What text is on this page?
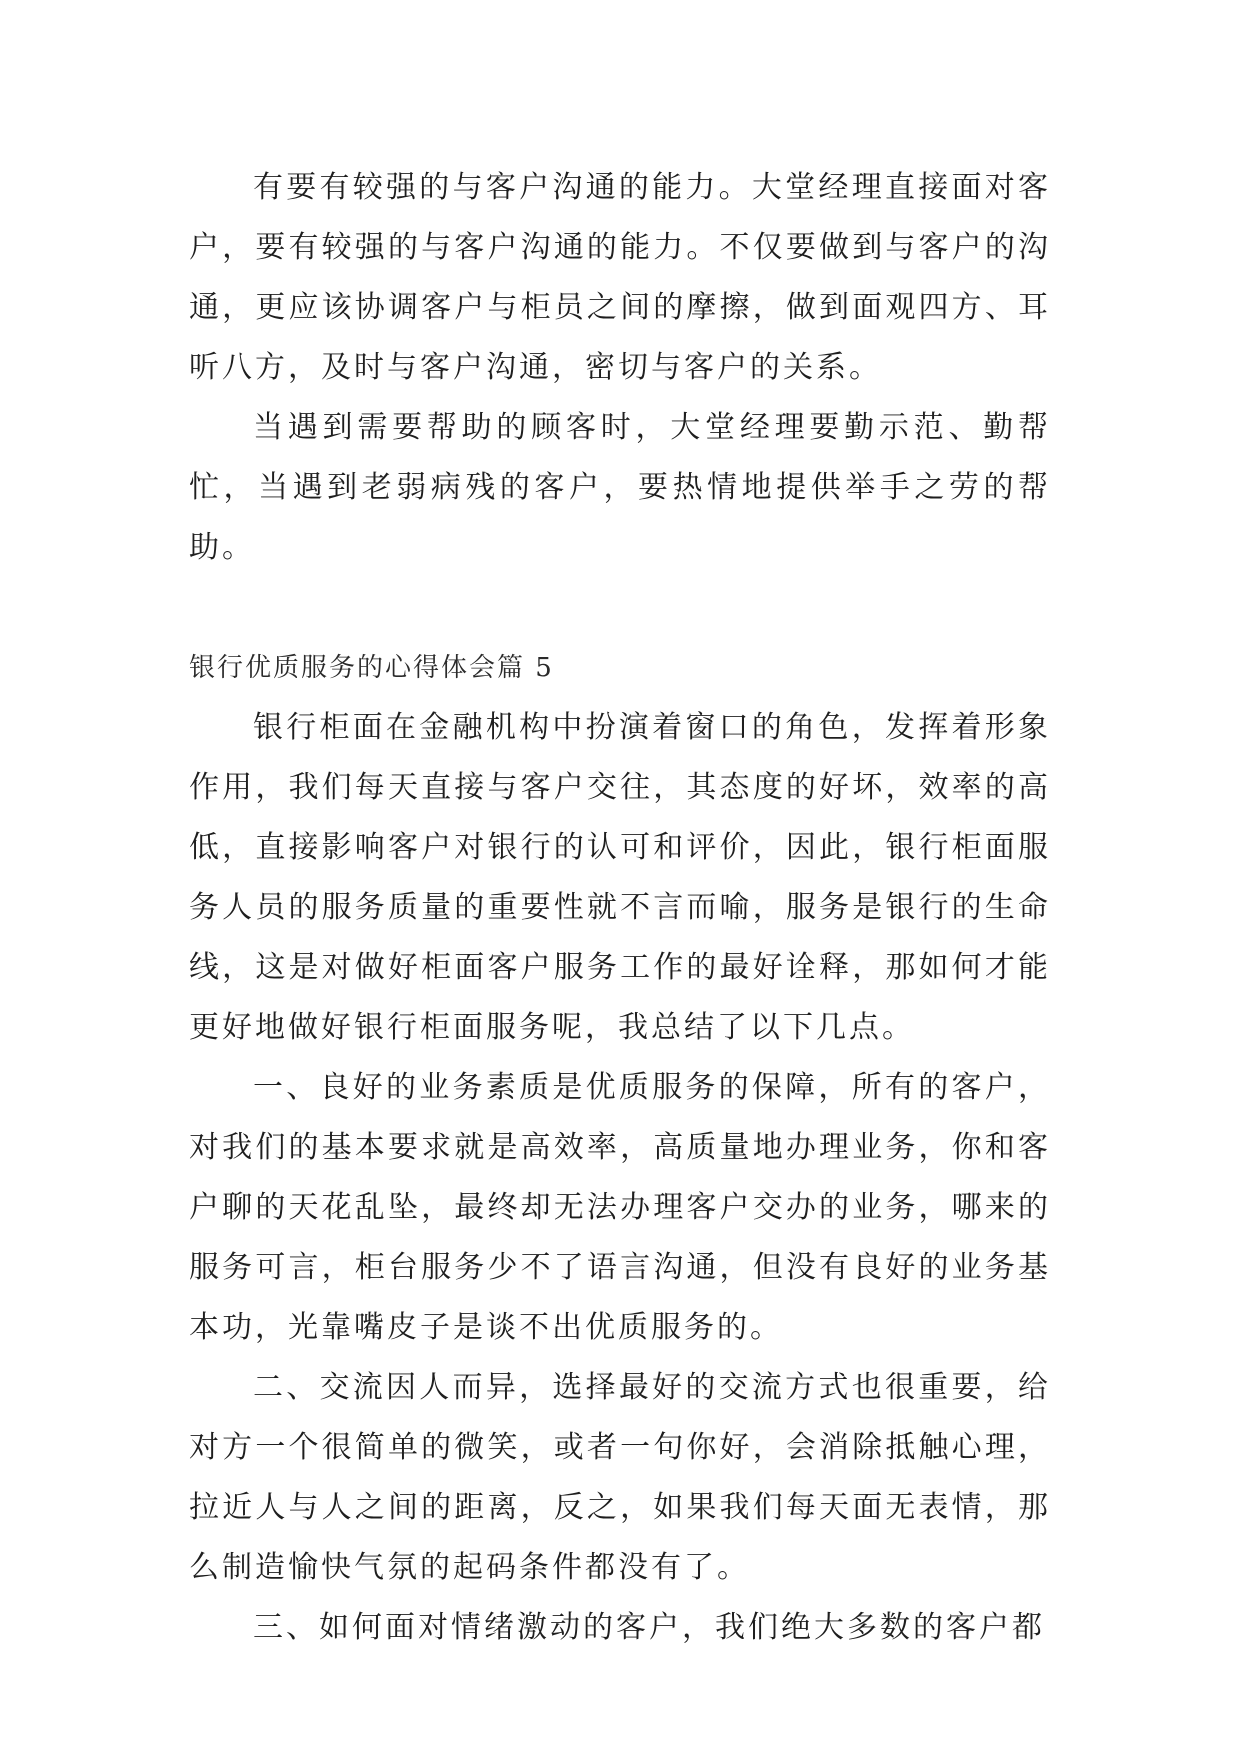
有要有较强的与客户沟通的能力。大堂经理直接面对客户，要有较强的与客户沟通的能力。不仅要做到与客户的沟通，更应该协调客户与柜员之间的摩擦，做到面观四方、耳听八方，及时与客户沟通，密切与客户的关系。

当遇到需要帮助的顾客时，大堂经理要勤示范、勤帮忙，当遇到老弱病残的客户，要热情地提供举手之劳的帮助。

银行优质服务的心得体会篇 5

银行柜面在金融机构中扮演着窗口的角色，发挥着形象作用，我们每天直接与客户交往，其态度的好坏，效率的高低，直接影响客户对银行的认可和评价，因此，银行柜面服务人员的服务质量的重要性就不言而喻，服务是银行的生命线，这是对做好柜面客户服务工作的最好诠释，那如何才能更好地做好银行柜面服务呢，我总结了以下几点。

一、良好的业务素质是优质服务的保障，所有的客户，对我们的基本要求就是高效率，高质量地办理业务，你和客户聊的天花乱坠，最终却无法办理客户交办的业务，哪来的服务可言，柜台服务少不了语言沟通，但没有良好的业务基本功，光靠嘴皮子是谈不出优质服务的。

二、交流因人而异，选择最好的交流方式也很重要，给对方一个很简单的微笑，或者一句你好，会消除抵触心理，拉近人与人之间的距离，反之，如果我们每天面无表情，那么制造愉快气氛的起码条件都没有了。

三、如何面对情绪激动的客户，我们绝大多数的客户都
